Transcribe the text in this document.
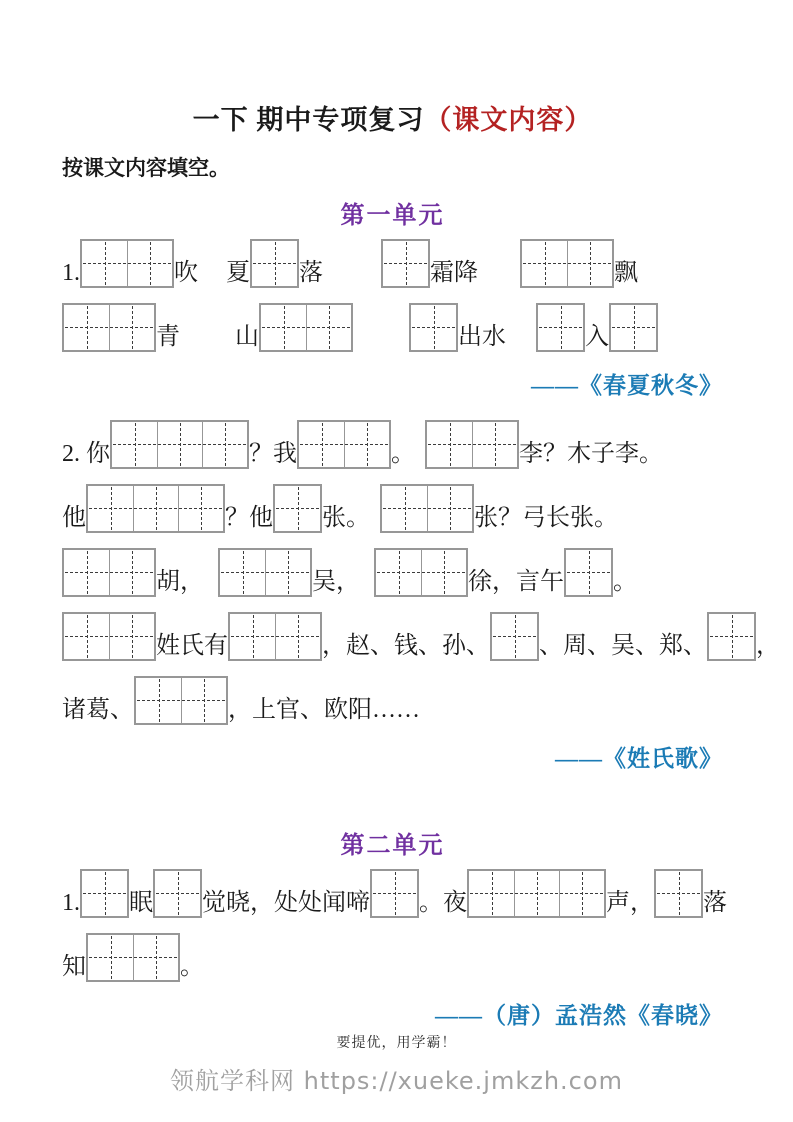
一下 期中专项复习（课文内容）
按课文内容填空。
第一单元
1.	吹 夏 落	霜降	飘
青 山	出水	入
——《春夏秋冬》
2. 你	？我	。	李？木子李。
他	？他 张。	张？弓长张。
胡，	吴，	徐，言午 。
姓氏有	，赵、钱、孙、 、周、吴、郑、 ，
诸葛、	，上官、欧阳……
——《姓氏歌》
第二单元
1. 眠 觉晓，处处闻啼 。夜	声， 落
知	。
——（唐）孟浩然《春晓》
要提优，用学霸！
领航学科网 https://xueke.jmkzh.com
